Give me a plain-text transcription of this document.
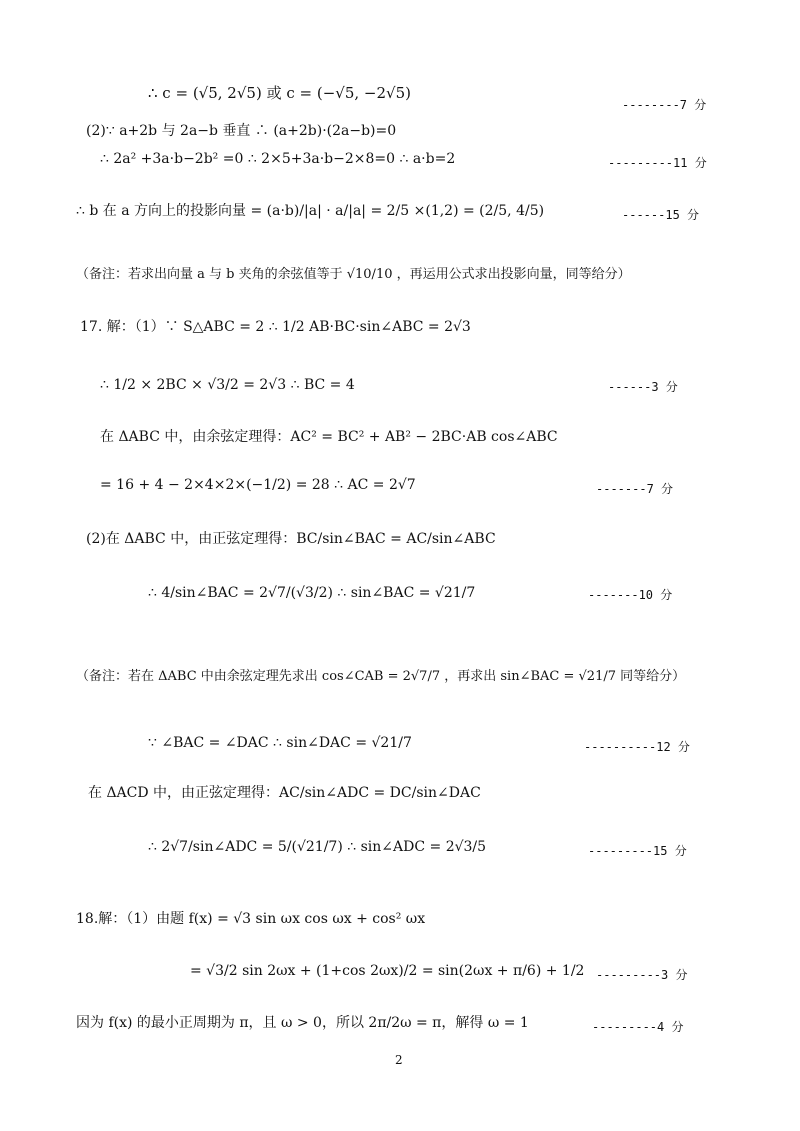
∴ c = (√5, 2√5) 或 c = (−√5, −2√5)
--------7 分
(2)∵ a+2b 与 2a−b 垂直 ∴ (a+2b)·(2a−b)=0
∴ 2a² +3a·b−2b² =0 ∴ 2×5+3a·b−2×8=0 ∴ a·b=2	---------11 分
∴ b 在 a 方向上的投影向量 = (a·b)/|a| · a/|a| = 2/5 ×(1,2) = (2/5, 4/5)	------15 分
（备注：若求出向量 a 与 b 夹角的余弦值等于 √10/10 ，再运用公式求出投影向量，同等给分）
17. 解：（1）∵ S△ABC = 2 ∴ 1/2 AB·BC·sin∠ABC = 2√3
∴ 1/2 × 2BC × √3/2 = 2√3 ∴ BC = 4	------3 分
在 ΔABC 中，由余弦定理得：AC² = BC² + AB² − 2BC·AB cos∠ABC
= 16 + 4 − 2×4×2×(−1/2) = 28 ∴ AC = 2√7	-------7 分
(2)在 ΔABC 中，由正弦定理得：BC/sin∠BAC = AC/sin∠ABC
∴ 4/sin∠BAC = 2√7/(√3/2) ∴ sin∠BAC = √21/7	-------10 分
（备注：若在 ΔABC 中由余弦定理先求出 cos∠CAB = 2√7/7 ，再求出 sin∠BAC = √21/7 同等给分）
∵ ∠BAC = ∠DAC ∴ sin∠DAC = √21/7	----------12 分
在 ΔACD 中，由正弦定理得：AC/sin∠ADC = DC/sin∠DAC
∴ 2√7/sin∠ADC = 5/(√21/7) ∴ sin∠ADC = 2√3/5	---------15 分
18.解：（1）由题 f(x) = √3 sin ωx cos ωx + cos² ωx
= √3/2 sin 2ωx + (1+cos 2ωx)/2 = sin(2ωx + π/6) + 1/2 ---------3 分
因为 f(x) 的最小正周期为 π，且 ω > 0，所以 2π/2ω = π，解得 ω = 1	---------4 分
2
